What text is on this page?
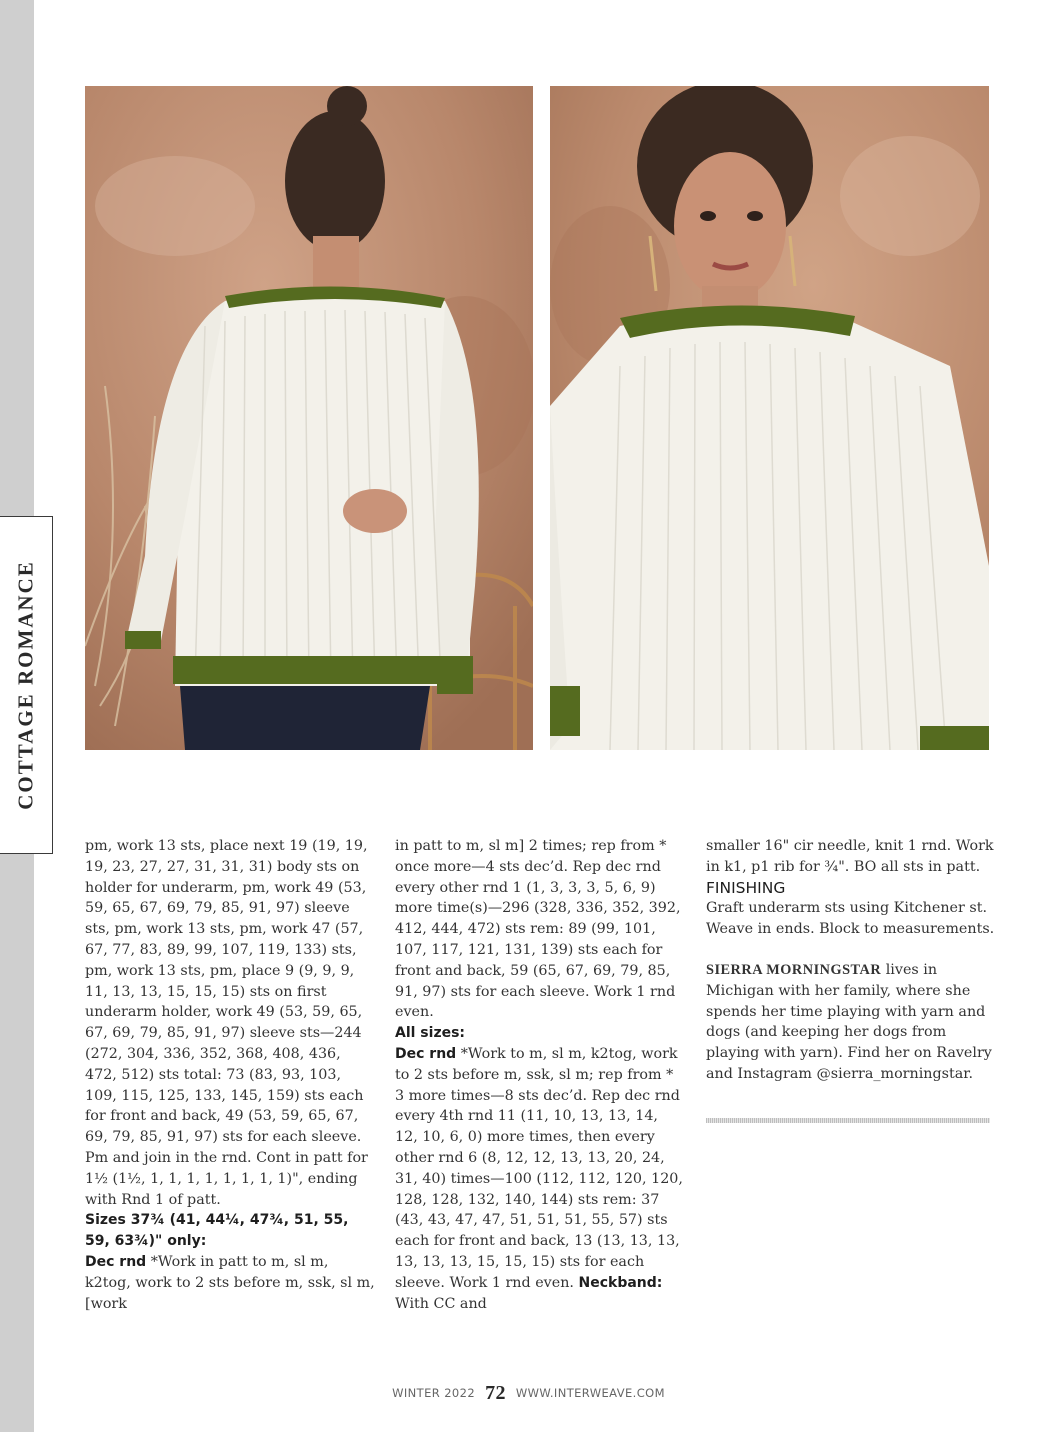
COTTAGE ROMANCE

pm, work 13 sts, place next 19 (19, 19, 19, 23, 27, 27, 31, 31, 31) body sts on holder for underarm, pm, work 49 (53, 59, 65, 67, 69, 79, 85, 91, 97) sleeve sts, pm, work 13 sts, pm, work 47 (57, 67, 77, 83, 89, 99, 107, 119, 133) sts, pm, work 13 sts, pm, place 9 (9, 9, 9, 11, 13, 13, 15, 15, 15) sts on first underarm holder, work 49 (53, 59, 65, 67, 69, 79, 85, 91, 97) sleeve sts—244 (272, 304, 336, 352, 368, 408, 436, 472, 512) sts total: 73 (83, 93, 103, 109, 115, 125, 133, 145, 159) sts each for front and back, 49 (53, 59, 65, 67, 69, 79, 85, 91, 97) sts for each sleeve. Pm and join in the rnd. Cont in patt for 1½ (1½, 1, 1, 1, 1, 1, 1, 1, 1)", ending with Rnd 1 of patt.

Sizes 37¾ (41, 44¼, 47¾, 51, 55, 59, 63¾)" only:

Dec rnd *Work in patt to m, sl m, k2tog, work to 2 sts before m, ssk, sl m, [work

in patt to m, sl m] 2 times; rep from * once more—4 sts dec’d. Rep dec rnd every other rnd 1 (1, 3, 3, 3, 5, 6, 9) more time(s)—296 (328, 336, 352, 392, 412, 444, 472) sts rem: 89 (99, 101, 107, 117, 121, 131, 139) sts each for front and back, 59 (65, 67, 69, 79, 85, 91, 97) sts for each sleeve. Work 1 rnd even.

All sizes:

Dec rnd *Work to m, sl m, k2tog, work to 2 sts before m, ssk, sl m; rep from * 3 more times—8 sts dec’d. Rep dec rnd every 4th rnd 11 (11, 10, 13, 13, 14, 12, 10, 6, 0) more times, then every other rnd 6 (8, 12, 12, 13, 13, 20, 24, 31, 40) times—100 (112, 112, 120, 120, 128, 128, 132, 140, 144) sts rem: 37 (43, 43, 47, 47, 51, 51, 51, 55, 57) sts each for front and back, 13 (13, 13, 13, 13, 13, 13, 15, 15, 15) sts for each sleeve. Work 1 rnd even. Neckband: With CC and

smaller 16" cir needle, knit 1 rnd. Work in k1, p1 rib for ¾". BO all sts in patt.

FINISHING

Graft underarm sts using Kitchener st. Weave in ends. Block to measurements.

SIERRA MORNINGSTAR lives in Michigan with her family, where she spends her time playing with yarn and dogs (and keeping her dogs from playing with yarn). Find her on Ravelry and Instagram @sierra_morningstar.

WINTER 2022 72 WWW.INTERWEAVE.COM
